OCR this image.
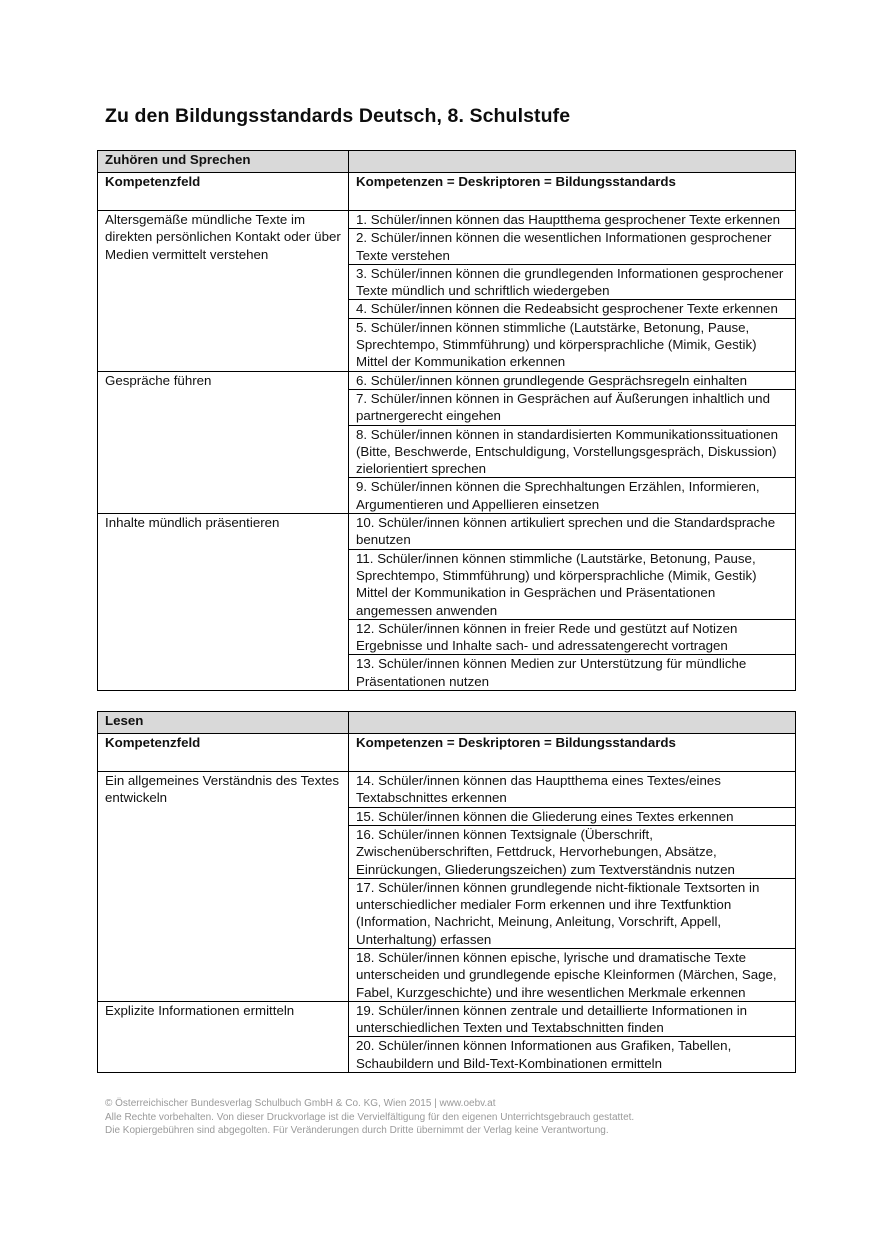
Zu den Bildungsstandards Deutsch, 8. Schulstufe
Zuhören und Sprechen	
Kompetenzfeld	Kompetenzen = Deskriptoren = Bildungsstandards
Altersgemäße mündliche Texte im direkten persönlichen Kontakt oder über Medien vermittelt verstehen	1. Schüler/innen können das Hauptthema gesprochener Texte erkennen
	2. Schüler/innen können die wesentlichen Informationen gesprochener Texte verstehen
	3. Schüler/innen können die grundlegenden Informationen gesprochener Texte mündlich und schriftlich wiedergeben
	4. Schüler/innen können die Redeabsicht gesprochener Texte erkennen
	5. Schüler/innen können stimmliche (Lautstärke, Betonung, Pause, Sprechtempo, Stimmführung) und körpersprachliche (Mimik, Gestik) Mittel der Kommunikation erkennen
Gespräche führen	6. Schüler/innen können grundlegende Gesprächsregeln einhalten
	7. Schüler/innen können in Gesprächen auf Äußerungen inhaltlich und partnergerecht eingehen
	8. Schüler/innen können in standardisierten Kommunikationssituationen (Bitte, Beschwerde, Entschuldigung, Vorstellungsgespräch, Diskussion) zielorientiert sprechen
	9. Schüler/innen können die Sprechhaltungen Erzählen, Informieren, Argumentieren und Appellieren einsetzen
Inhalte mündlich präsentieren	10. Schüler/innen können artikuliert sprechen und die Standardsprache benutzen
	11. Schüler/innen können stimmliche (Lautstärke, Betonung, Pause, Sprechtempo, Stimmführung) und körpersprachliche (Mimik, Gestik) Mittel der Kommunikation in Gesprächen und Präsentationen angemessen anwenden
	12. Schüler/innen können in freier Rede und gestützt auf Notizen Ergebnisse und Inhalte sach- und adressatengerecht vortragen
	13. Schüler/innen können Medien zur Unterstützung für mündliche Präsentationen nutzen
Lesen	
Kompetenzfeld	Kompetenzen = Deskriptoren = Bildungsstandards
Ein allgemeines Verständnis des Textes entwickeln	14. Schüler/innen können das Hauptthema eines Textes/eines Textabschnittes erkennen
	15. Schüler/innen können die Gliederung eines Textes erkennen
	16. Schüler/innen können Textsignale (Überschrift, Zwischenüberschriften, Fettdruck, Hervorhebungen, Absätze, Einrückungen, Gliederungszeichen) zum Textverständnis nutzen
	17. Schüler/innen können grundlegende nicht-fiktionale Textsorten in unterschiedlicher medialer Form erkennen und ihre Textfunktion (Information, Nachricht, Meinung, Anleitung, Vorschrift, Appell, Unterhaltung) erfassen
	18. Schüler/innen können epische, lyrische und dramatische Texte unterscheiden und grundlegende epische Kleinformen (Märchen, Sage, Fabel, Kurzgeschichte) und ihre wesentlichen Merkmale erkennen
Explizite Informationen ermitteln	19. Schüler/innen können zentrale und detaillierte Informationen in unterschiedlichen Texten und Textabschnitten finden
	20. Schüler/innen können Informationen aus Grafiken, Tabellen, Schaubildern und Bild-Text-Kombinationen ermitteln
© Österreichischer Bundesverlag Schulbuch GmbH & Co. KG, Wien 2015 | www.oebv.at
Alle Rechte vorbehalten. Von dieser Druckvorlage ist die Vervielfältigung für den eigenen Unterrichtsgebrauch gestattet.
Die Kopiergebühren sind abgegolten. Für Veränderungen durch Dritte übernimmt der Verlag keine Verantwortung.
